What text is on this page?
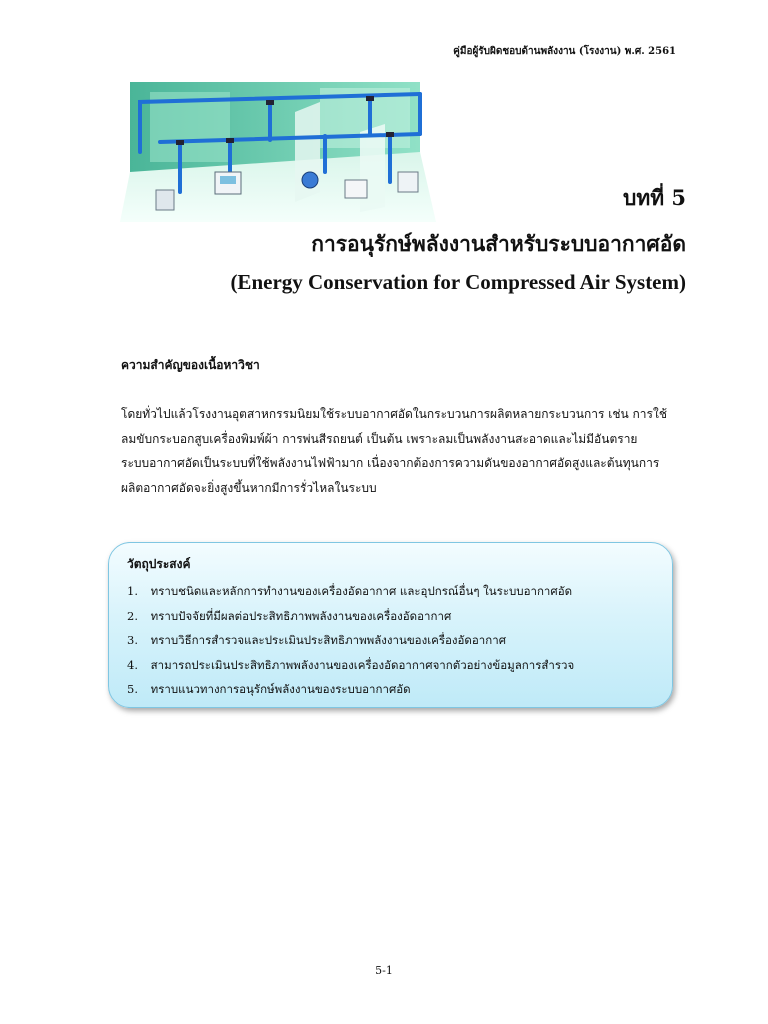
คู่มือผู้รับผิดชอบด้านพลังงาน (โรงงาน) พ.ศ. 2561
บทที่ 5
การอนุรักษ์พลังงานสำหรับระบบอากาศอัด
(Energy Conservation for Compressed Air System)
ความสำคัญของเนื้อหาวิชา
โดยทั่วไปแล้วโรงงานอุตสาหกรรมนิยมใช้ระบบอากาศอัดในกระบวนการผลิตหลายกระบวนการ เช่น การใช้
ลมขับกระบอกสูบเครื่องพิมพ์ผ้า การพ่นสีรถยนต์ เป็นต้น เพราะลมเป็นพลังงานสะอาดและไม่มีอันตราย
ระบบอากาศอัดเป็นระบบที่ใช้พลังงานไฟฟ้ามาก เนื่องจากต้องการความดันของอากาศอัดสูงและต้นทุนการ
ผลิตอากาศอัดจะยิ่งสูงขึ้นหากมีการรั่วไหลในระบบ
วัตถุประสงค์
1. ทราบชนิดและหลักการทำงานของเครื่องอัดอากาศ และอุปกรณ์อื่นๆ ในระบบอากาศอัด
2. ทราบปัจจัยที่มีผลต่อประสิทธิภาพพลังงานของเครื่องอัดอากาศ
3. ทราบวิธีการสำรวจและประเมินประสิทธิภาพพลังงานของเครื่องอัดอากาศ
4. สามารถประเมินประสิทธิภาพพลังงานของเครื่องอัดอากาศจากตัวอย่างข้อมูลการสำรวจ
5. ทราบแนวทางการอนุรักษ์พลังงานของระบบอากาศอัด
5-1
